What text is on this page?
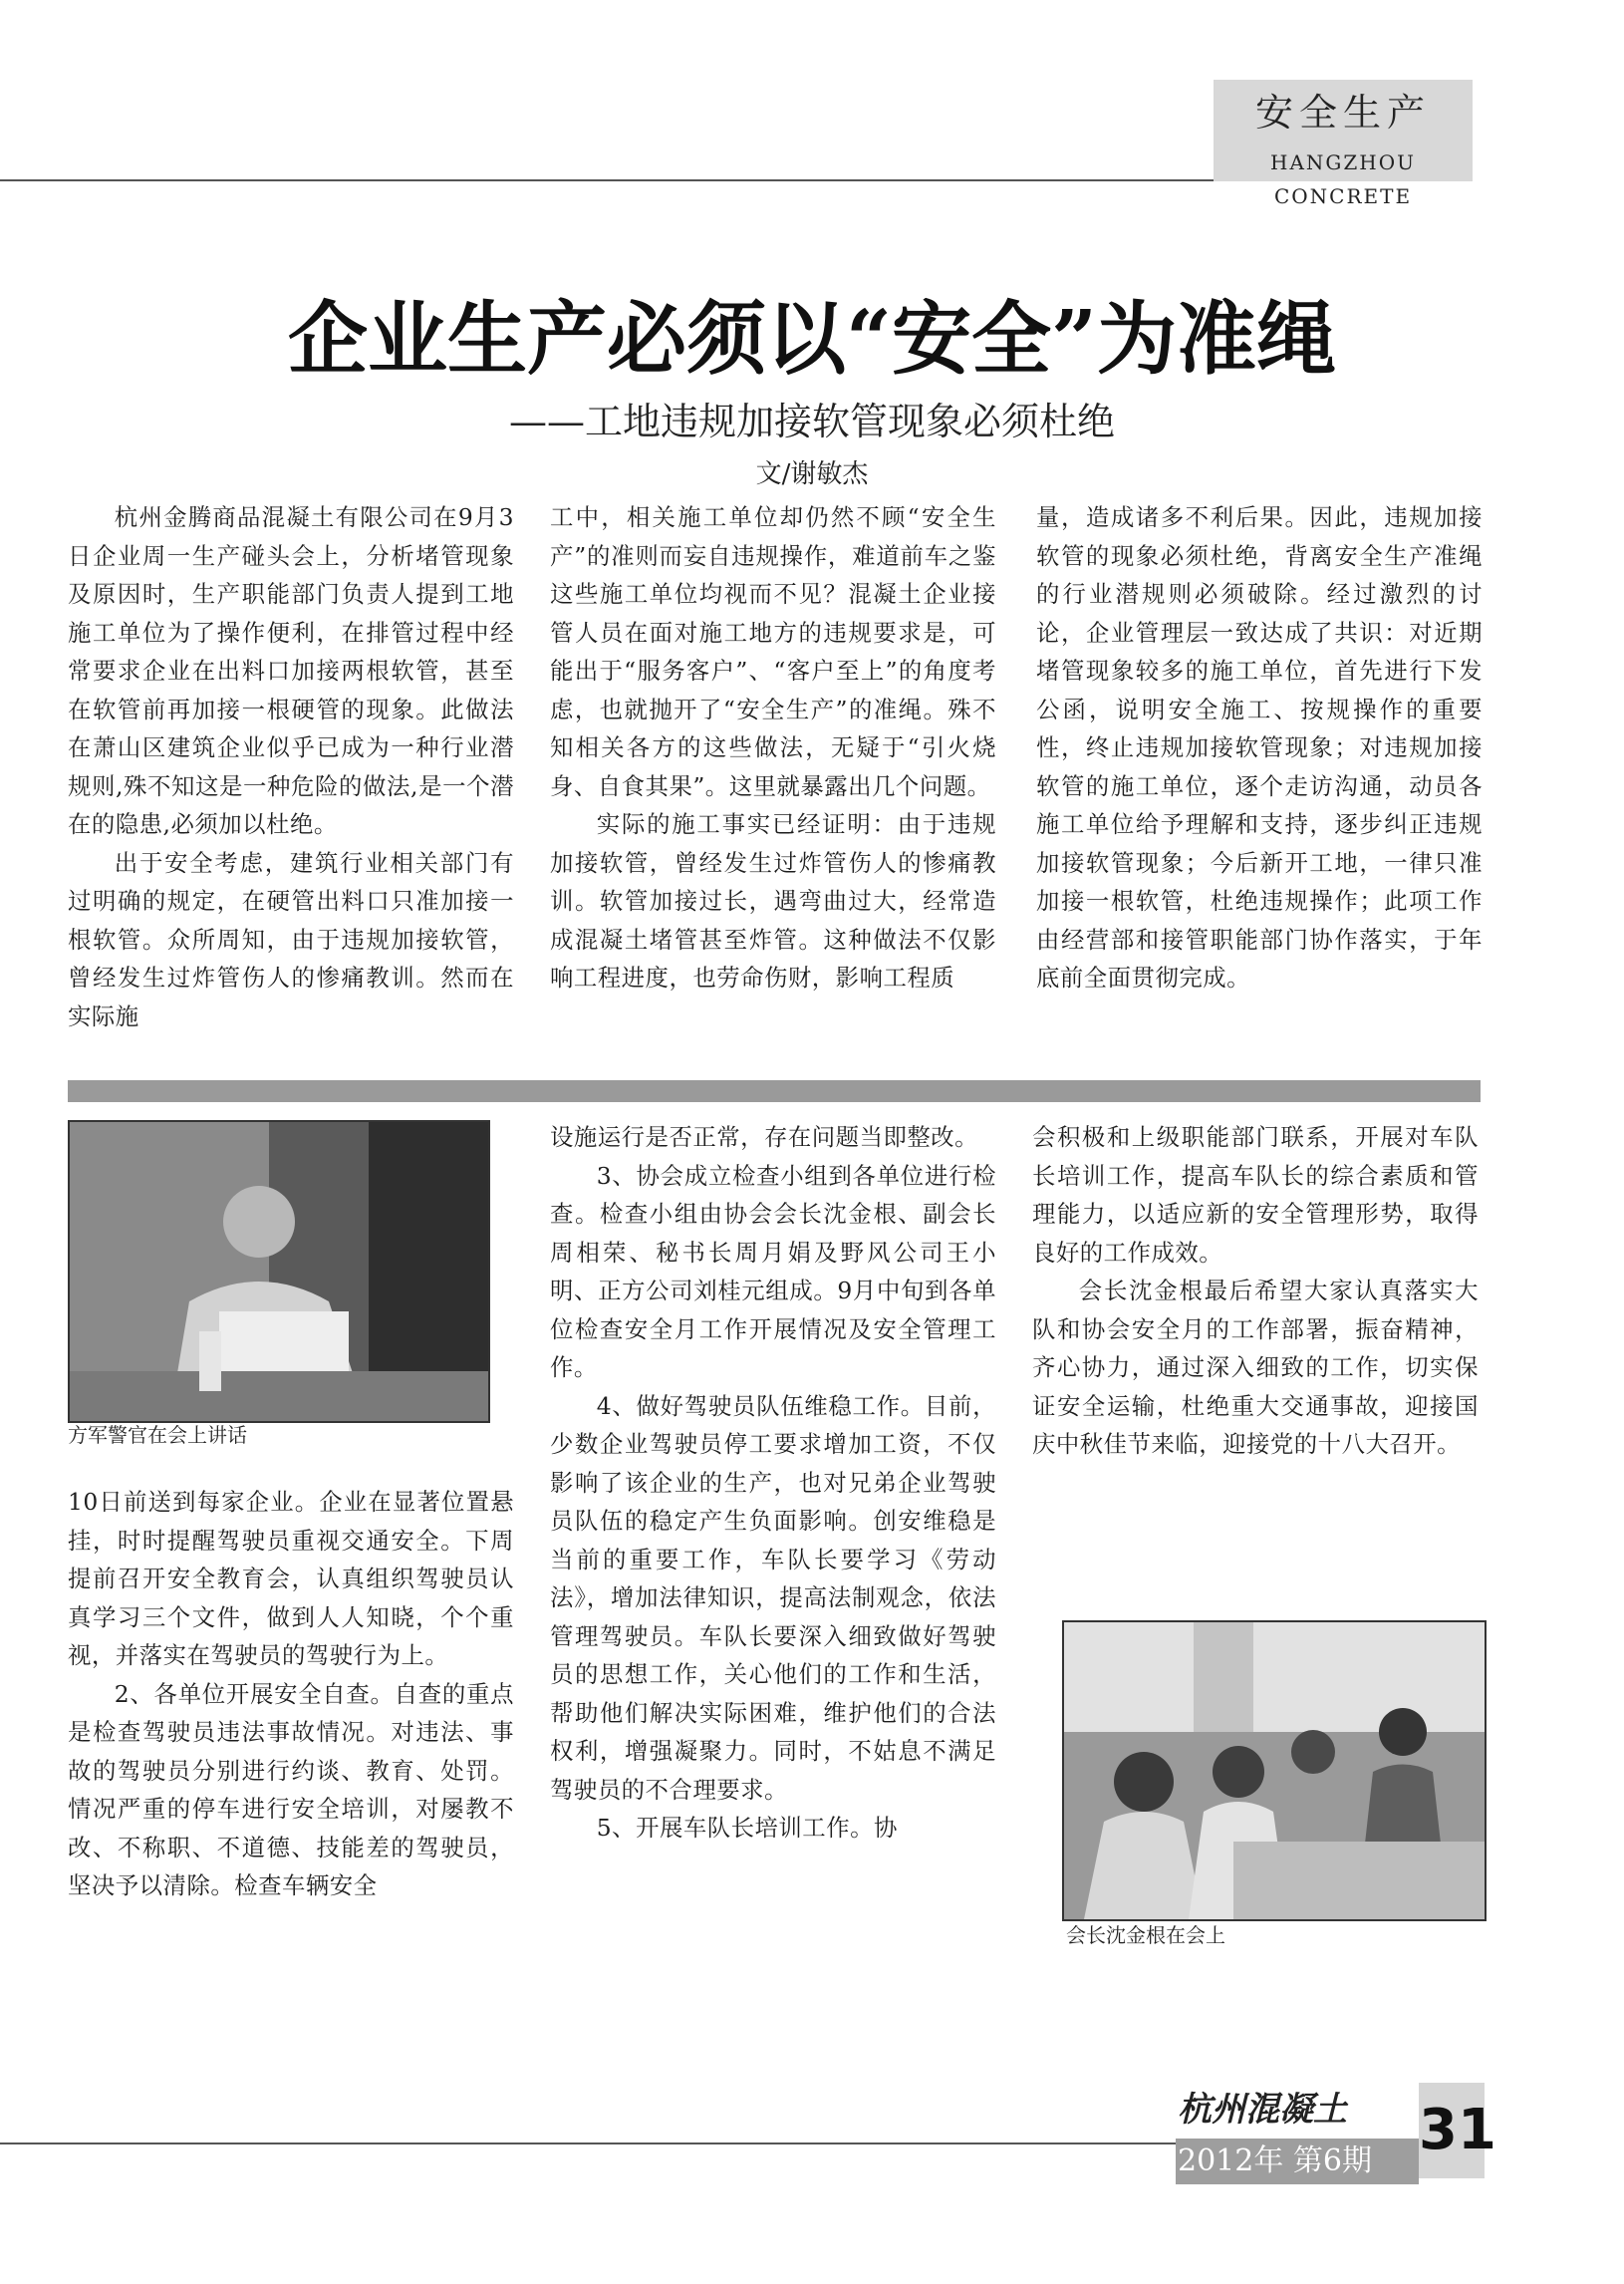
安全生产
HANGZHOU CONCRETE
企业生产必须以“安全”为准绳
——工地违规加接软管现象必须杜绝
文/谢敏杰

杭州金腾商品混凝土有限公司在9月3日企业周一生产碰头会上，分析堵管现象及原因时，生产职能部门负责人提到工地施工单位为了操作便利，在排管过程中经常要求企业在出料口加接两根软管，甚至在软管前再加接一根硬管的现象。此做法在萧山区建筑企业似乎已成为一种行业潜规则,殊不知这是一种危险的做法,是一个潜在的隐患,必须加以杜绝。

出于安全考虑，建筑行业相关部门有过明确的规定，在硬管出料口只准加接一根软管。众所周知，由于违规加接软管，曾经发生过炸管伤人的惨痛教训。然而在实际施

工中，相关施工单位却仍然不顾“安全生产”的准则而妄自违规操作，难道前车之鉴这些施工单位均视而不见？混凝土企业接管人员在面对施工地方的违规要求是，可能出于“服务客户”、“客户至上”的角度考虑，也就抛开了“安全生产”的准绳。殊不知相关各方的这些做法，无疑于“引火烧身、自食其果”。这里就暴露出几个问题。

实际的施工事实已经证明：由于违规加接软管，曾经发生过炸管伤人的惨痛教训。软管加接过长，遇弯曲过大，经常造成混凝土堵管甚至炸管。这种做法不仅影响工程进度，也劳命伤财，影响工程质

量，造成诸多不利后果。因此，违规加接软管的现象必须杜绝，背离安全生产准绳的行业潜规则必须破除。经过激烈的讨论，企业管理层一致达成了共识：对近期堵管现象较多的施工单位，首先进行下发公函，说明安全施工、按规操作的重要性，终止违规加接软管现象；对违规加接软管的施工单位，逐个走访沟通，动员各施工单位给予理解和支持，逐步纠正违规加接软管现象；今后新开工地，一律只准加接一根软管，杜绝违规操作；此项工作由经营部和接管职能部门协作落实，于年底前全面贯彻完成。

方军警官在会上讲话

10日前送到每家企业。企业在显著位置悬挂，时时提醒驾驶员重视交通安全。下周提前召开安全教育会，认真组织驾驶员认真学习三个文件，做到人人知晓，个个重视，并落实在驾驶员的驾驶行为上。

2、各单位开展安全自查。自查的重点是检查驾驶员违法事故情况。对违法、事故的驾驶员分别进行约谈、教育、处罚。情况严重的停车进行安全培训，对屡教不改、不称职、不道德、技能差的驾驶员，坚决予以清除。检查车辆安全

设施运行是否正常，存在问题当即整改。

3、协会成立检查小组到各单位进行检查。检查小组由协会会长沈金根、副会长周相荣、秘书长周月娟及野风公司王小明、正方公司刘桂元组成。9月中旬到各单位检查安全月工作开展情况及安全管理工作。

4、做好驾驶员队伍维稳工作。目前，少数企业驾驶员停工要求增加工资，不仅影响了该企业的生产，也对兄弟企业驾驶员队伍的稳定产生负面影响。创安维稳是当前的重要工作，车队长要学习《劳动法》，增加法律知识，提高法制观念，依法管理驾驶员。车队长要深入细致做好驾驶员的思想工作，关心他们的工作和生活，帮助他们解决实际困难，维护他们的合法权利，增强凝聚力。同时，不姑息不满足驾驶员的不合理要求。

5、开展车队长培训工作。协

会积极和上级职能部门联系，开展对车队长培训工作，提高车队长的综合素质和管理能力，以适应新的安全管理形势，取得良好的工作成效。

会长沈金根最后希望大家认真落实大队和协会安全月的工作部署，振奋精神，齐心协力，通过深入细致的工作，切实保证安全运输，杜绝重大交通事故，迎接国庆中秋佳节来临，迎接党的十八大召开。

会长沈金根在会上
杭州混凝土
2012年 第6期 31
